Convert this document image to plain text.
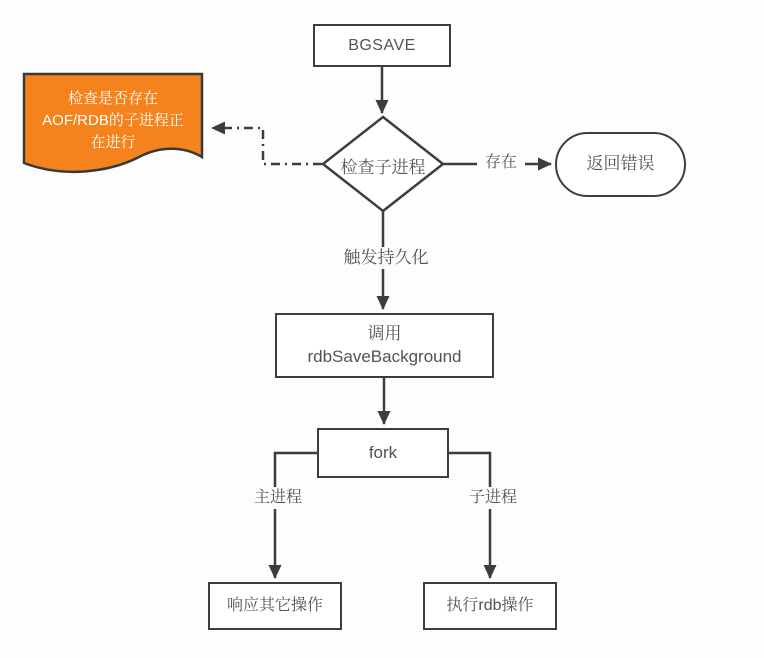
检查是否存在
AOF/RDB的子进程正
在进行
BGSAVE
检查子进程	返回错误
调用
rdbSaveBackground
fork
响应其它操作	执行rdb操作
存在
触发持久化
主进程	子进程
